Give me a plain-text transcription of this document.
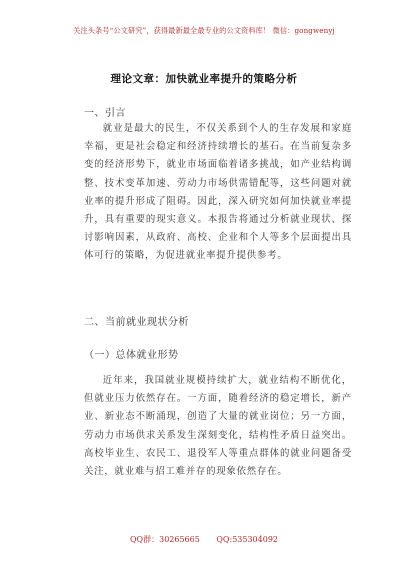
关注头条号“公文研究”，获得最新最全最专业的公文资料库！ 微信：gongwenyj
理论文章：加快就业率提升的策略分析
一、引言
就业是最大的民生，不仅关系到个人的生存发展和家庭幸福，更是社会稳定和经济持续增长的基石。在当前复杂多变的经济形势下，就业市场面临着诸多挑战，如产业结构调整、技术变革加速、劳动力市场供需错配等，这些问题对就业率的提升形成了阻碍。因此，深入研究如何加快就业率提升，具有重要的现实意义。本报告将通过分析就业现状、探讨影响因素，从政府、高校、企业和个人等多个层面提出具体可行的策略，为促进就业率提升提供参考。
二、当前就业现状分析
（一）总体就业形势
近年来，我国就业规模持续扩大，就业结构不断优化，但就业压力依然存在。一方面，随着经济的稳定增长，新产业、新业态不断涌现，创造了大量的就业岗位；另一方面，劳动力市场供求关系发生深刻变化，结构性矛盾日益突出。高校毕业生、农民工、退役军人等重点群体的就业问题备受关注，就业难与招工难并存的现象依然存在。
QQ群：30265665 QQ:535304092
